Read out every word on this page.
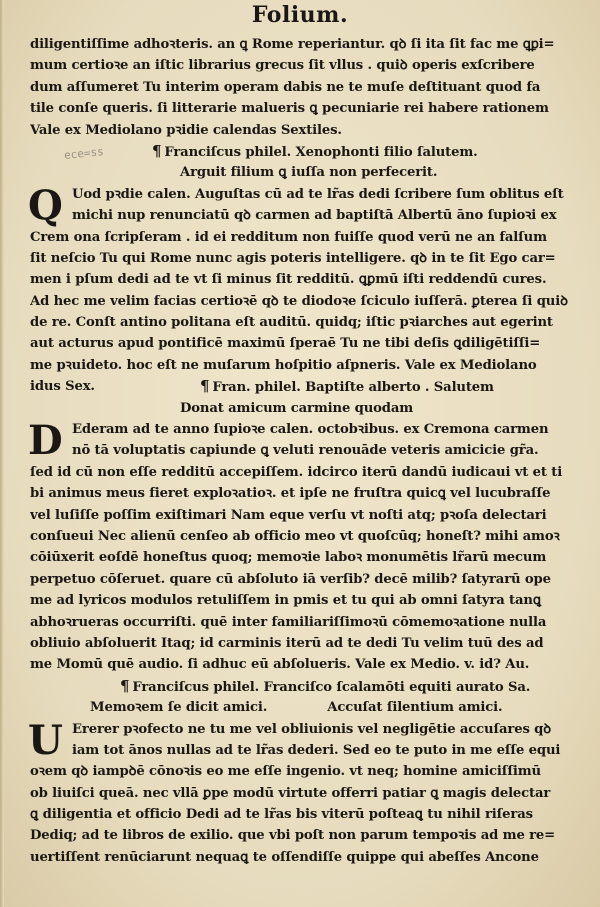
Folium.
ece=ss
diligentiſſime adhoꝛteris. an ꝗ Rome reperiantur. qꝺ ſi ita ſit fac me ꝗꝑi=
mum certioꝛe an iſtic librarius grecus ſit vllus . quiꝺ operis exſcribere
dum aſſumeret Tu interim operam dabis ne te muſe deſtituant quod fa
tile conſe queris. ſi litterarie malueris ꝗ pecuniarie rei habere rationem
Vale ex Mediolano pꝛidie calendas Sextiles.
¶ Franciſcus philel. Xenophonti filio ſalutem.
Arguit filium ꝗ iuſſa non perfecerit.
Q Uod pꝛdie calen. Auguſtas cū ad te lr̃as dedi ſcribere ſum oblitus eſt
michi nup renunciatū qꝺ carmen ad baptiſtā Albertū āno ſupioꝛi ex
Crem ona ſcripſeram . id ei redditum non fuiſſe quod verū ne an falſum
ſit neſcio Tu qui Rome nunc agis poteris intelligere. qꝺ in te ſit Ego car=
men i pſum dedi ad te vt ſi minus ſit redditū. ꝗꝑmū iſti reddendū cures.
Ad hec me velim facias certioꝛē qꝺ te diodoꝛe ſciculo iuſſerā. ꝑterea ſi quiꝺ
de re. Conſt antino politana eſt auditū. quidq; iſtic pꝛiarches aut egerint
aut acturus apud pontificē maximū ſperaē Tu ne tibi deſis ꝗdiligētiſſi=
me pꝛuideto. hoc eſt ne muſarum hoſpitio aſpneris. Vale ex Mediolano
idus Sex.	¶ Fran. philel. Baptiſte alberto . Salutem
Donat amicum carmine quodam
D Ederam ad te anno ſupioꝛe calen. octobꝛibus. ex Cremona carmen
nō tā voluptatis capiunde ꝗ veluti renouāde veteris amicicie gr̃a.
ſed id cū non eſſe redditū accepiſſem. idcirco iterū dandū iudicaui vt et ti
bi animus meus fieret exploꝛatioꝛ. et ipſe ne fruſtra quicꝗ vel lucubraſſe
vel luſiſſe poſſim exiſtimari Nam eque verſu vt noſti atq; pꝛoſa delectari
conſueui Nec alienū cenſeo ab officio meo vt quoſcūq; honeſt? mihi amoꝛ
cōiūxerit eoſdē honeſtus quoq; memoꝛie laboꝛ monumētis lr̃arū mecum
perpetuo cōſeruet. quare cū abſoluto iā verſib? decē milib? ſatyrarū ope
me ad lyricos modulos retuliſſem in pmis et tu qui ab omni ſatyra tanꝗ
abhoꝛrueras occurriſti. quē inter familiariſſimoꝛū cōmemoꝛatione nulla
obliuio abſoluerit Itaq; id carminis iterū ad te dedi Tu velim tuū des ad
me Momū quē audio. ſi adhuc eū abſolueris. Vale ex Medio. v. id? Au.
¶ Franciſcus philel. Franciſco ſcalamōti equiti aurato Sa.
Memoꝛem ſe dicit amici.	Accuſat ſilentium amici.
U Ererer pꝛofecto ne tu me vel obliuionis vel negligētie accuſares qꝺ
iam tot ānos nullas ad te lr̃as dederi. Sed eo te puto in me eſſe equi
oꝛem qꝺ iampꝺē cōnoꝛis eo me eſſe ingenio. vt neq; homine amiciſſimū
ob liuiſci queā. nec vllā ꝑpe modū virtute offerri patiar ꝗ magis delectar
ꝗ diligentia et officio Dedi ad te lr̃as bis viterū poſteaꝗ tu nihil riſeras
Dediq; ad te libros de exilio. que vbi poſt non parum tempoꝛis ad me re=
uertiſſent renūciarunt nequaꝗ te oſſendiſſe quippe qui abeſſes Ancone
